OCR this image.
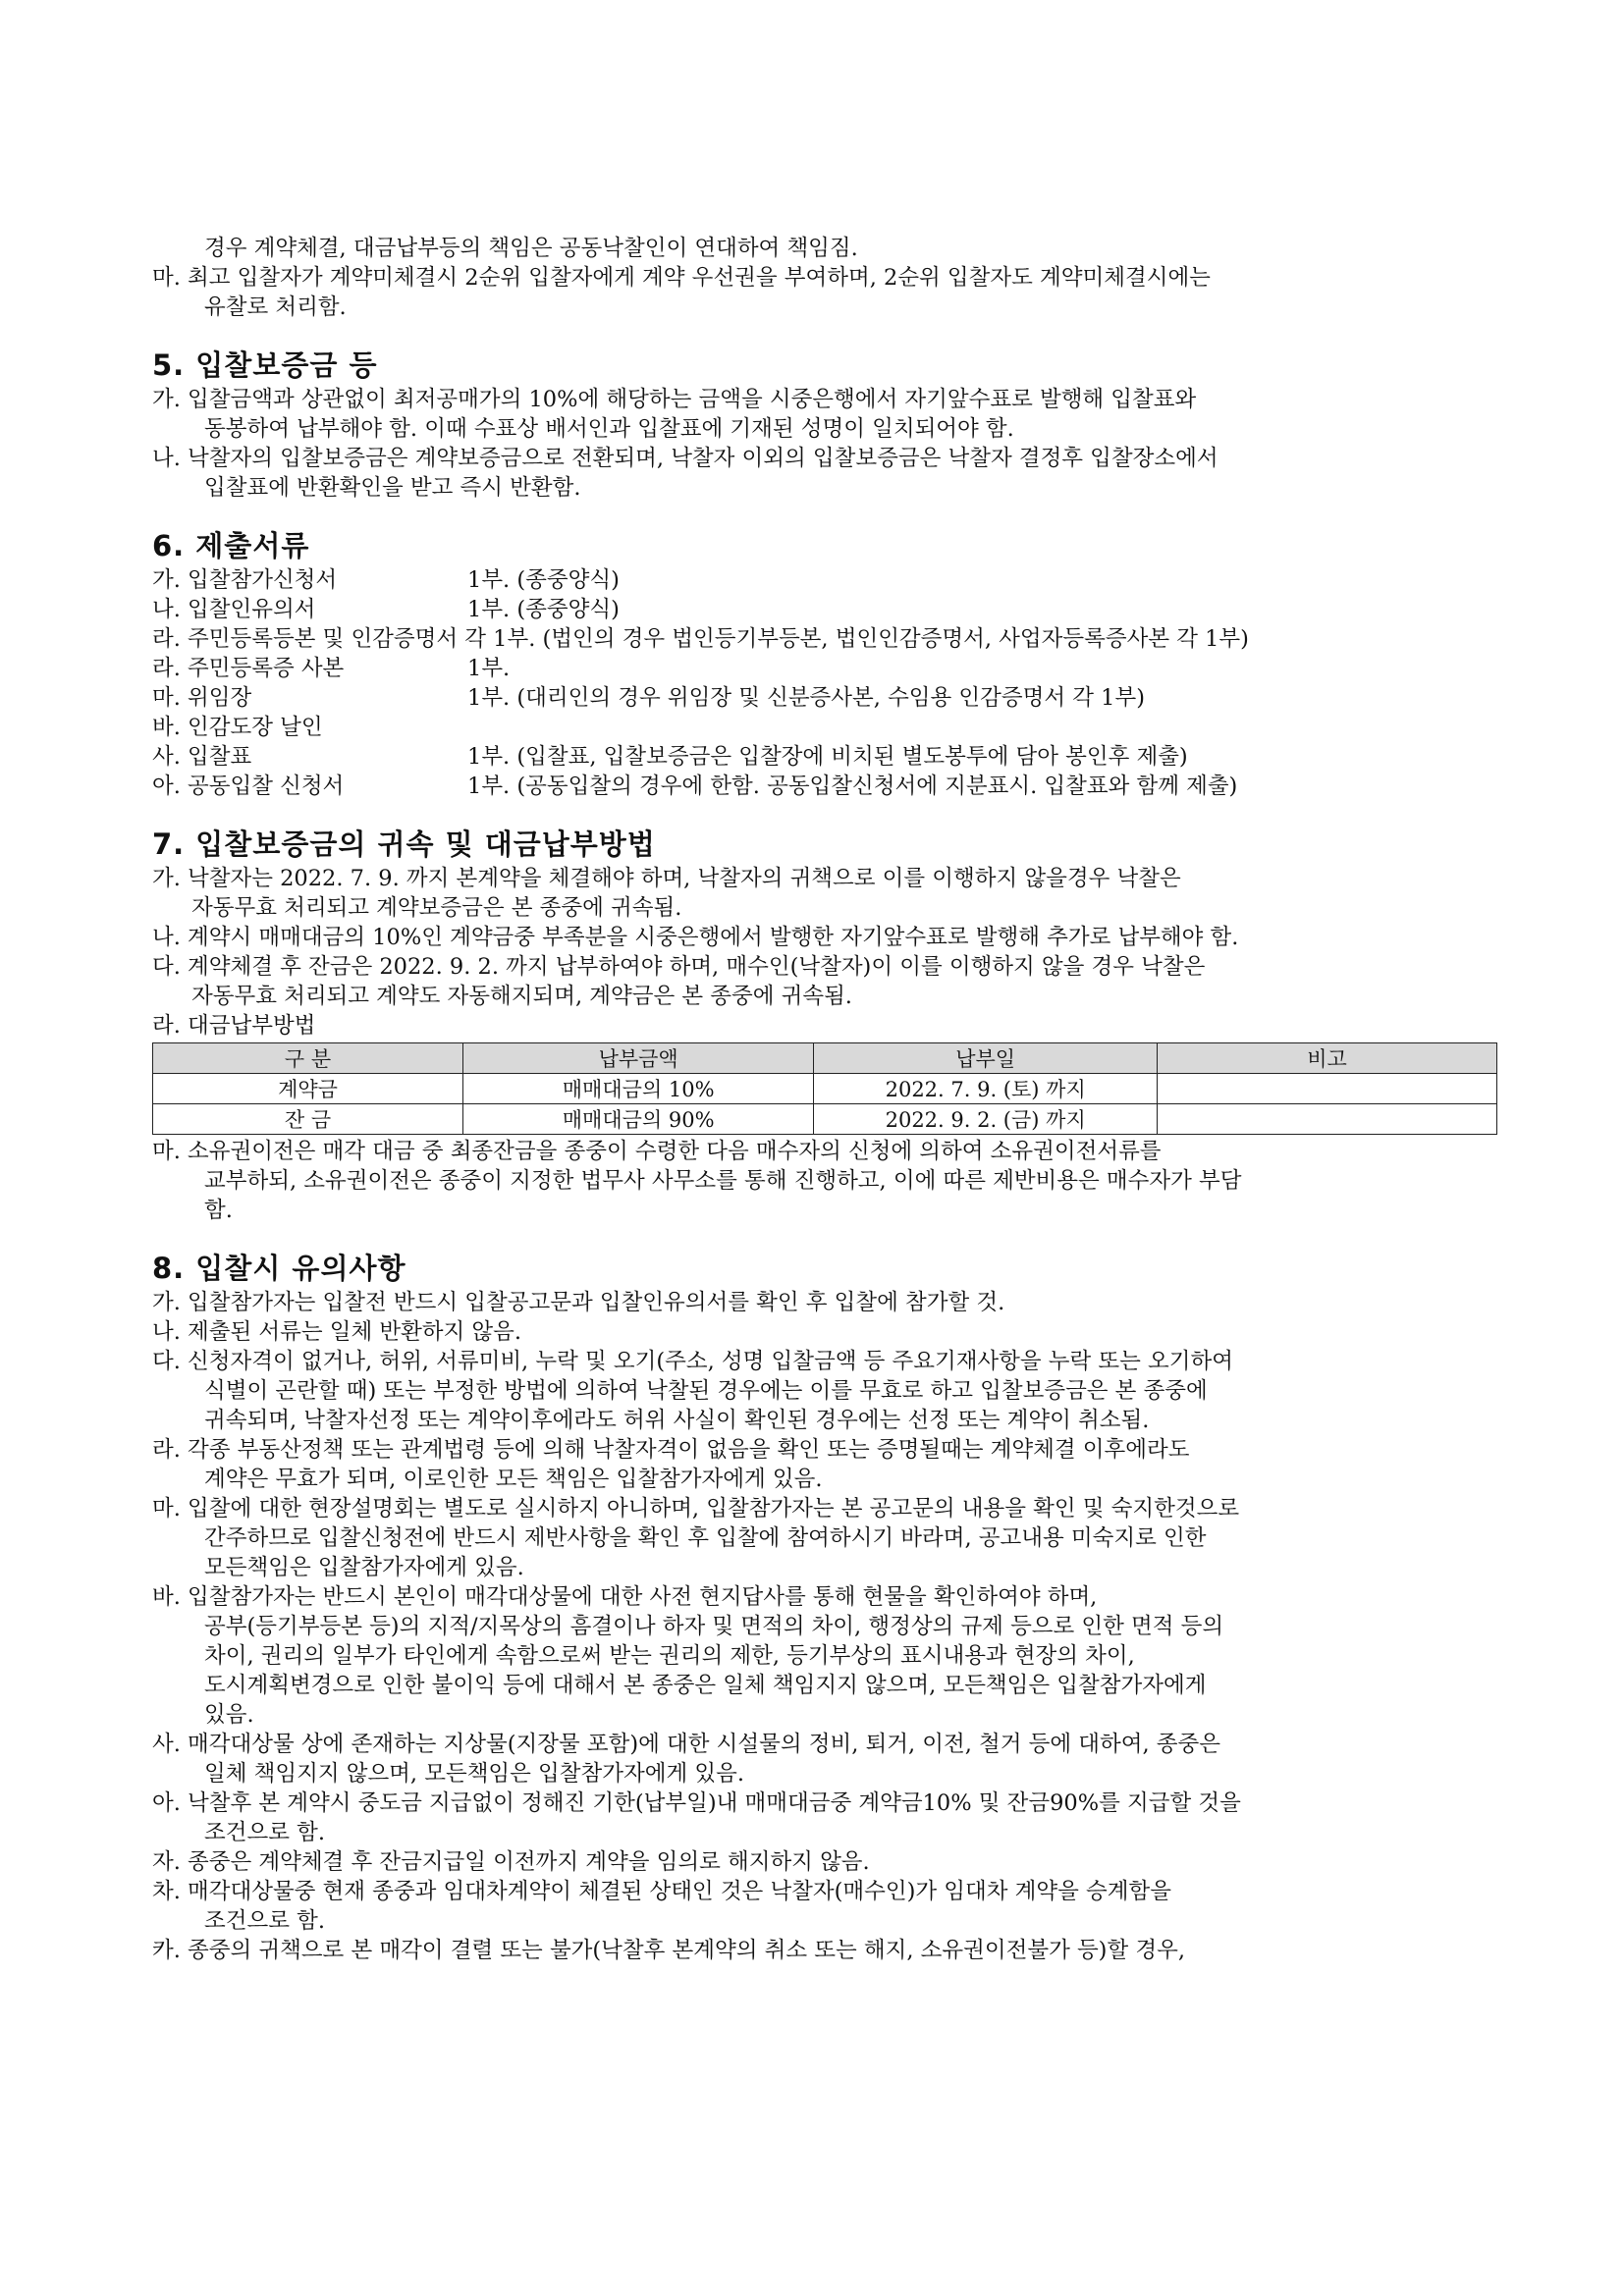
경우 계약체결, 대금납부등의 책임은 공동낙찰인이 연대하여 책임짐.
마. 최고 입찰자가 계약미체결시 2순위 입찰자에게 계약 우선권을 부여하며, 2순위 입찰자도 계약미체결시에는
유찰로 처리함.
5. 입찰보증금 등
가. 입찰금액과 상관없이 최저공매가의 10%에 해당하는 금액을 시중은행에서 자기앞수표로 발행해 입찰표와
동봉하여 납부해야 함. 이때 수표상 배서인과 입찰표에 기재된 성명이 일치되어야 함.
나. 낙찰자의 입찰보증금은 계약보증금으로 전환되며, 낙찰자 이외의 입찰보증금은 낙찰자 결정후 입찰장소에서
입찰표에 반환확인을 받고 즉시 반환함.
6. 제출서류
가. 입찰참가신청서	1부. (종중양식)
나. 입찰인유의서	1부. (종중양식)
라. 주민등록등본 및 인감증명서 각 1부. (법인의 경우 법인등기부등본, 법인인감증명서, 사업자등록증사본 각 1부)
라. 주민등록증 사본	1부.
마. 위임장	1부. (대리인의 경우 위임장 및 신분증사본, 수임용 인감증명서 각 1부)
바. 인감도장 날인
사. 입찰표	1부. (입찰표, 입찰보증금은 입찰장에 비치된 별도봉투에 담아 봉인후 제출)
아. 공동입찰 신청서	1부. (공동입찰의 경우에 한함. 공동입찰신청서에 지분표시. 입찰표와 함께 제출)
7. 입찰보증금의 귀속 및 대금납부방법
가. 낙찰자는 2022. 7. 9. 까지 본계약을 체결해야 하며, 낙찰자의 귀책으로 이를 이행하지 않을경우 낙찰은
자동무효 처리되고 계약보증금은 본 종중에 귀속됨.
나. 계약시 매매대금의 10%인 계약금중 부족분을 시중은행에서 발행한 자기앞수표로 발행해 추가로 납부해야 함.
다. 계약체결 후 잔금은 2022. 9. 2. 까지 납부하여야 하며, 매수인(낙찰자)이 이를 이행하지 않을 경우 낙찰은
자동무효 처리되고 계약도 자동해지되며, 계약금은 본 종중에 귀속됨.
라. 대금납부방법
구 분	납부금액	납부일	비고
계약금	매매대금의 10%	2022. 7. 9. (토) 까지	
잔 금	매매대금의 90%	2022. 9. 2. (금) 까지	
마. 소유권이전은 매각 대금 중 최종잔금을 종중이 수령한 다음 매수자의 신청에 의하여 소유권이전서류를
교부하되, 소유권이전은 종중이 지정한 법무사 사무소를 통해 진행하고, 이에 따른 제반비용은 매수자가 부담
함.
8. 입찰시 유의사항
가. 입찰참가자는 입찰전 반드시 입찰공고문과 입찰인유의서를 확인 후 입찰에 참가할 것.
나. 제출된 서류는 일체 반환하지 않음.
다. 신청자격이 없거나, 허위, 서류미비, 누락 및 오기(주소, 성명 입찰금액 등 주요기재사항을 누락 또는 오기하여
식별이 곤란할 때) 또는 부정한 방법에 의하여 낙찰된 경우에는 이를 무효로 하고 입찰보증금은 본 종중에
귀속되며, 낙찰자선정 또는 계약이후에라도 허위 사실이 확인된 경우에는 선정 또는 계약이 취소됨.
라. 각종 부동산정책 또는 관계법령 등에 의해 낙찰자격이 없음을 확인 또는 증명될때는 계약체결 이후에라도
계약은 무효가 되며, 이로인한 모든 책임은 입찰참가자에게 있음.
마. 입찰에 대한 현장설명회는 별도로 실시하지 아니하며, 입찰참가자는 본 공고문의 내용을 확인 및 숙지한것으로
간주하므로 입찰신청전에 반드시 제반사항을 확인 후 입찰에 참여하시기 바라며, 공고내용 미숙지로 인한
모든책임은 입찰참가자에게 있음.
바. 입찰참가자는 반드시 본인이 매각대상물에 대한 사전 현지답사를 통해 현물을 확인하여야 하며,
공부(등기부등본 등)의 지적/지목상의 흠결이나 하자 및 면적의 차이, 행정상의 규제 등으로 인한 면적 등의
차이, 권리의 일부가 타인에게 속함으로써 받는 권리의 제한, 등기부상의 표시내용과 현장의 차이,
도시계획변경으로 인한 불이익 등에 대해서 본 종중은 일체 책임지지 않으며, 모든책임은 입찰참가자에게
있음.
사. 매각대상물 상에 존재하는 지상물(지장물 포함)에 대한 시설물의 정비, 퇴거, 이전, 철거 등에 대하여, 종중은
일체 책임지지 않으며, 모든책임은 입찰참가자에게 있음.
아. 낙찰후 본 계약시 중도금 지급없이 정해진 기한(납부일)내 매매대금중 계약금10% 및 잔금90%를 지급할 것을
조건으로 함.
자. 종중은 계약체결 후 잔금지급일 이전까지 계약을 임의로 해지하지 않음.
차. 매각대상물중 현재 종중과 임대차계약이 체결된 상태인 것은 낙찰자(매수인)가 임대차 계약을 승계함을
조건으로 함.
카. 종중의 귀책으로 본 매각이 결렬 또는 불가(낙찰후 본계약의 취소 또는 해지, 소유권이전불가 등)할 경우,
